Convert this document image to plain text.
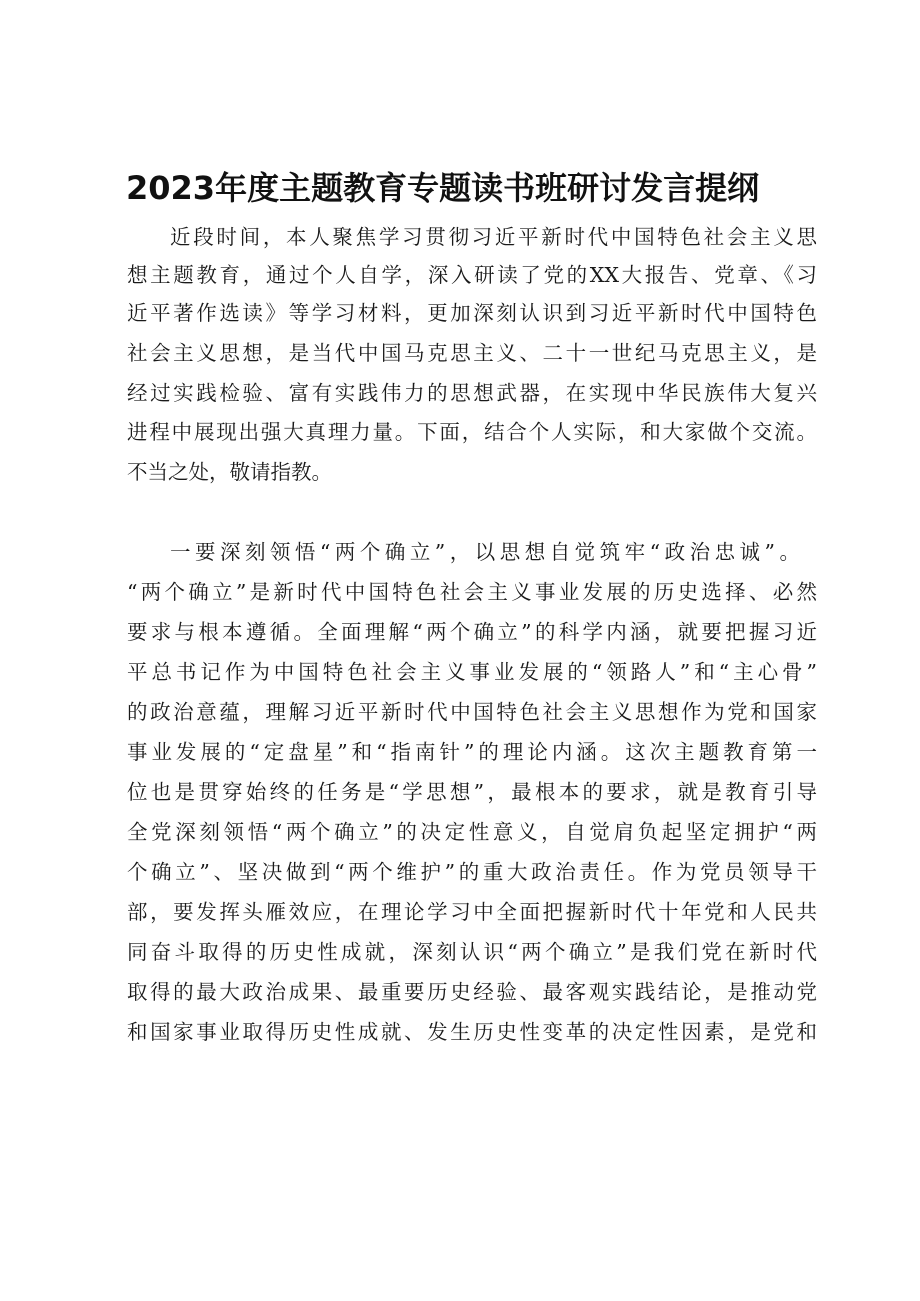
2023年度主题教育专题读书班研讨发言提纲

近段时间，本人聚焦学习贯彻习近平新时代中国特色社会主义思

想主题教育，通过个人自学，深入研读了党的XX大报告、党章、《习

近平著作选读》等学习材料，更加深刻认识到习近平新时代中国特色

社会主义思想，是当代中国马克思主义、二十一世纪马克思主义，是

经过实践检验、富有实践伟力的思想武器，在实现中华民族伟大复兴

进程中展现出强大真理力量。下面，结合个人实际，和大家做个交流。

不当之处，敬请指教。

一要深刻领悟“两个确立”，以思想自觉筑牢“政治忠诚”。

“两个确立”是新时代中国特色社会主义事业发展的历史选择、必然

要求与根本遵循。全面理解“两个确立”的科学内涵，就要把握习近

平总书记作为中国特色社会主义事业发展的“领路人”和“主心骨”

的政治意蕴，理解习近平新时代中国特色社会主义思想作为党和国家

事业发展的“定盘星”和“指南针”的理论内涵。这次主题教育第一

位也是贯穿始终的任务是“学思想”，最根本的要求，就是教育引导

全党深刻领悟“两个确立”的决定性意义，自觉肩负起坚定拥护“两

个确立”、坚决做到“两个维护”的重大政治责任。作为党员领导干

部，要发挥头雁效应，在理论学习中全面把握新时代十年党和人民共

同奋斗取得的历史性成就，深刻认识“两个确立”是我们党在新时代

取得的最大政治成果、最重要历史经验、最客观实践结论，是推动党

和国家事业取得历史性成就、发生历史性变革的决定性因素，是党和
